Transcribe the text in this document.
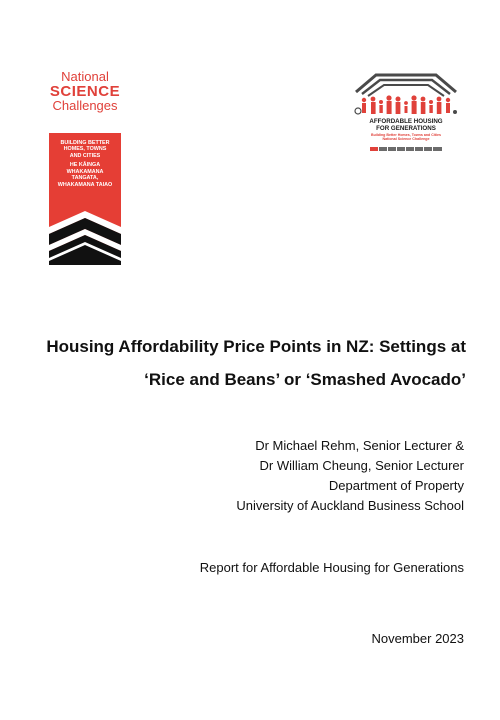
National
SCIENCE
Challenges
BUILDING BETTER
HOMES, TOWNS
AND CITIES
HE KĀINGA
WHAKAMANA
TANGATA,
WHAKAMANA TAIAO
AFFORDABLE HOUSING
FOR GENERATIONS
Building Better Homes, Towns and Cities
National Science Challenge
Housing Affordability Price Points in NZ: Settings at
‘Rice and Beans’ or ‘Smashed Avocado’
Dr Michael Rehm, Senior Lecturer &
Dr William Cheung, Senior Lecturer
Department of Property
University of Auckland Business School
Report for Affordable Housing for Generations
November 2023
